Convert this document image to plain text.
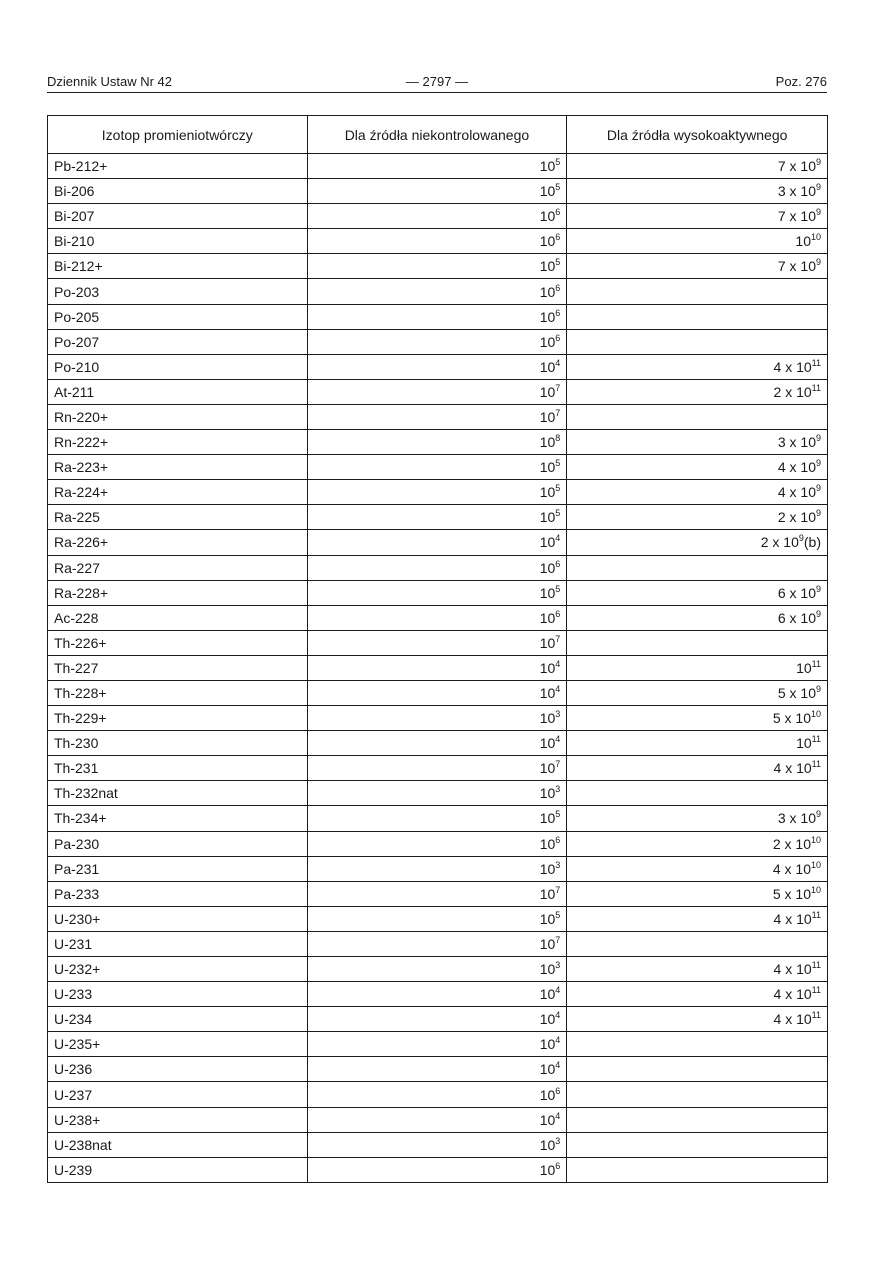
Dziennik Ustaw Nr 42	— 2797 —	Poz. 276
Izotop promieniotwórczy	Dla źródła niekontrolowanego	Dla źródła wysokoaktywnego
Pb-212+	$10^5$	7 x $10^9$
Bi-206	$10^5$	3 x $10^9$
Bi-207	$10^6$	7 x $10^9$
Bi-210	$10^6$	$10^{10}$
Bi-212+	$10^5$	7 x $10^9$
Po-203	$10^6$	
Po-205	$10^6$	
Po-207	$10^6$	
Po-210	$10^4$	4 x $10^{11}$
At-211	$10^7$	2 x $10^{11}$
Rn-220+	$10^7$	
Rn-222+	$10^8$	3 x $10^9$
Ra-223+	$10^5$	4 x $10^9$
Ra-224+	$10^5$	4 x $10^9$
Ra-225	$10^5$	2 x $10^9$
Ra-226+	$10^4$	2 x $10^9(b)$
Ra-227	$10^6$	
Ra-228+	$10^5$	6 x $10^9$
Ac-228	$10^6$	6 x $10^9$
Th-226+	$10^7$	
Th-227	$10^4$	$10^{11}$
Th-228+	$10^4$	5 x $10^9$
Th-229+	$10^3$	5 x $10^{10}$
Th-230	$10^4$	$10^{11}$
Th-231	$10^7$	4 x $10^{11}$
Th-232nat	$10^3$	
Th-234+	$10^5$	3 x $10^9$
Pa-230	$10^6$	2 x $10^{10}$
Pa-231	$10^3$	4 x $10^{10}$
Pa-233	$10^7$	5 x $10^{10}$
U-230+	$10^5$	4 x $10^{11}$
U-231	$10^7$	
U-232+	$10^3$	4 x $10^{11}$
U-233	$10^4$	4 x $10^{11}$
U-234	$10^4$	4 x $10^{11}$
U-235+	$10^4$	
U-236	$10^4$	
U-237	$10^6$	
U-238+	$10^4$	
U-238nat	$10^3$	
U-239	$10^6$	
